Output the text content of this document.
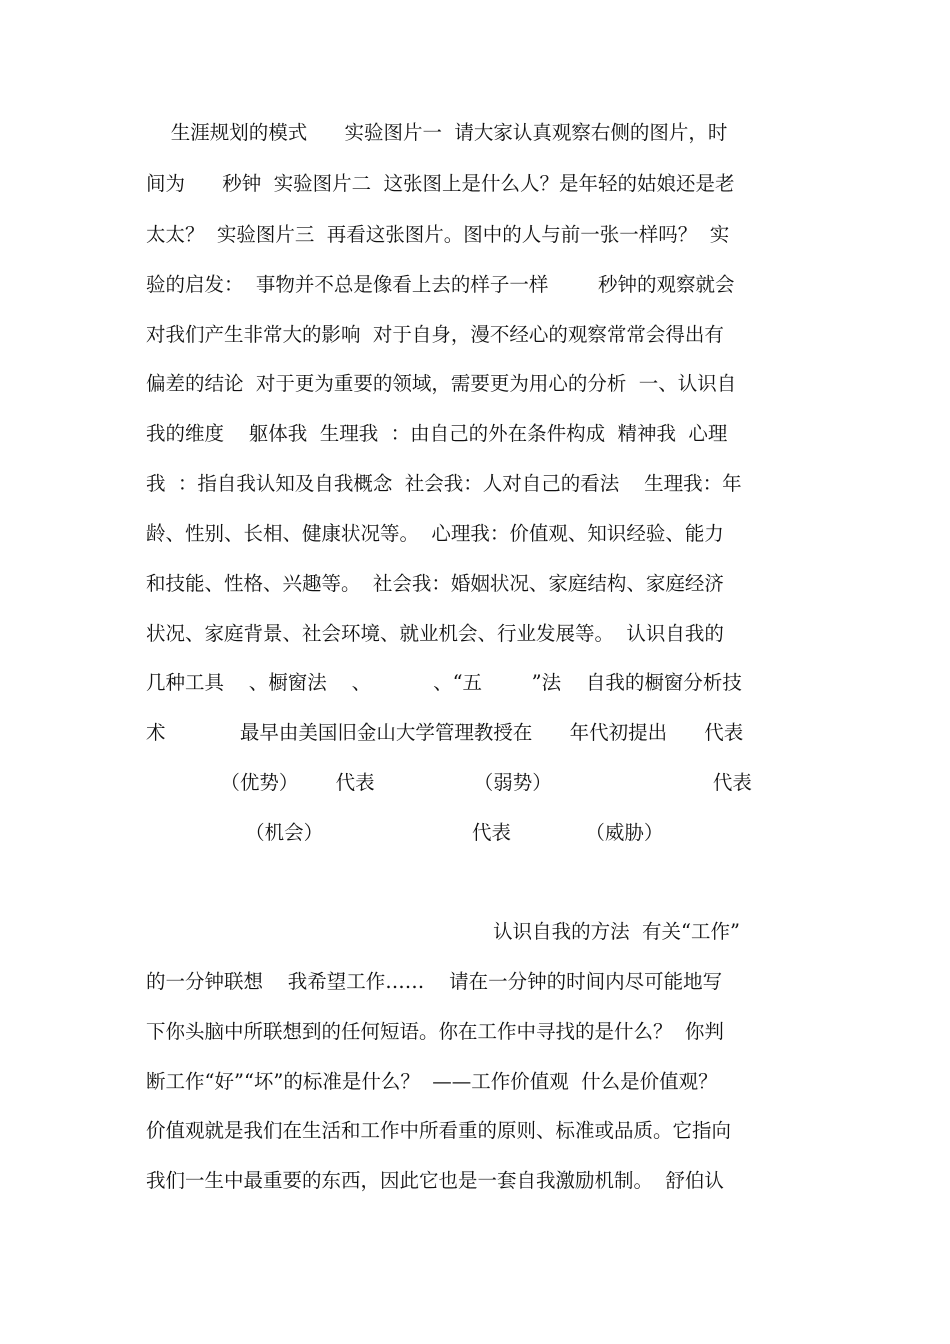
生涯规划的模式      实验图片一  请大家认真观察右侧的图片，时
间为      秒钟  实验图片二  这张图上是什么人？是年轻的姑娘还是老
太太？  实验图片三  再看这张图片。图中的人与前一张一样吗？  实
验的启发：  事物并不总是像看上去的样子一样        秒钟的观察就会
对我们产生非常大的影响  对于自身，漫不经心的观察常常会得出有
偏差的结论  对于更为重要的领域，需要更为用心的分析  一、认识自
我的维度    躯体我  生理我  ：由自己的外在条件构成  精神我  心理
我  ：指自我认知及自我概念  社会我：人对自己的看法    生理我：年
龄、性别、长相、健康状况等。  心理我：价值观、知识经验、能力
和技能、性格、兴趣等。  社会我：婚姻状况、家庭结构、家庭经济
状况、家庭背景、社会环境、就业机会、行业发展等。  认识自我的
几种工具    、橱窗法    、          、“五        ”法    自我的橱窗分析技
术            最早由美国旧金山大学管理教授在      年代初提出      代表
（优势）      代表                （弱势）                          代表
（机会）                        代表            （威胁）
认识自我的方法  有关“工作”
的一分钟联想    我希望工作……    请在一分钟的时间内尽可能地写
下你头脑中所联想到的任何短语。你在工作中寻找的是什么？  你判
断工作“好”“坏”的标准是什么？  ——工作价值观  什么是价值观？
价值观就是我们在生活和工作中所看重的原则、标准或品质。它指向
我们一生中最重要的东西，因此它也是一套自我激励机制。  舒伯认
